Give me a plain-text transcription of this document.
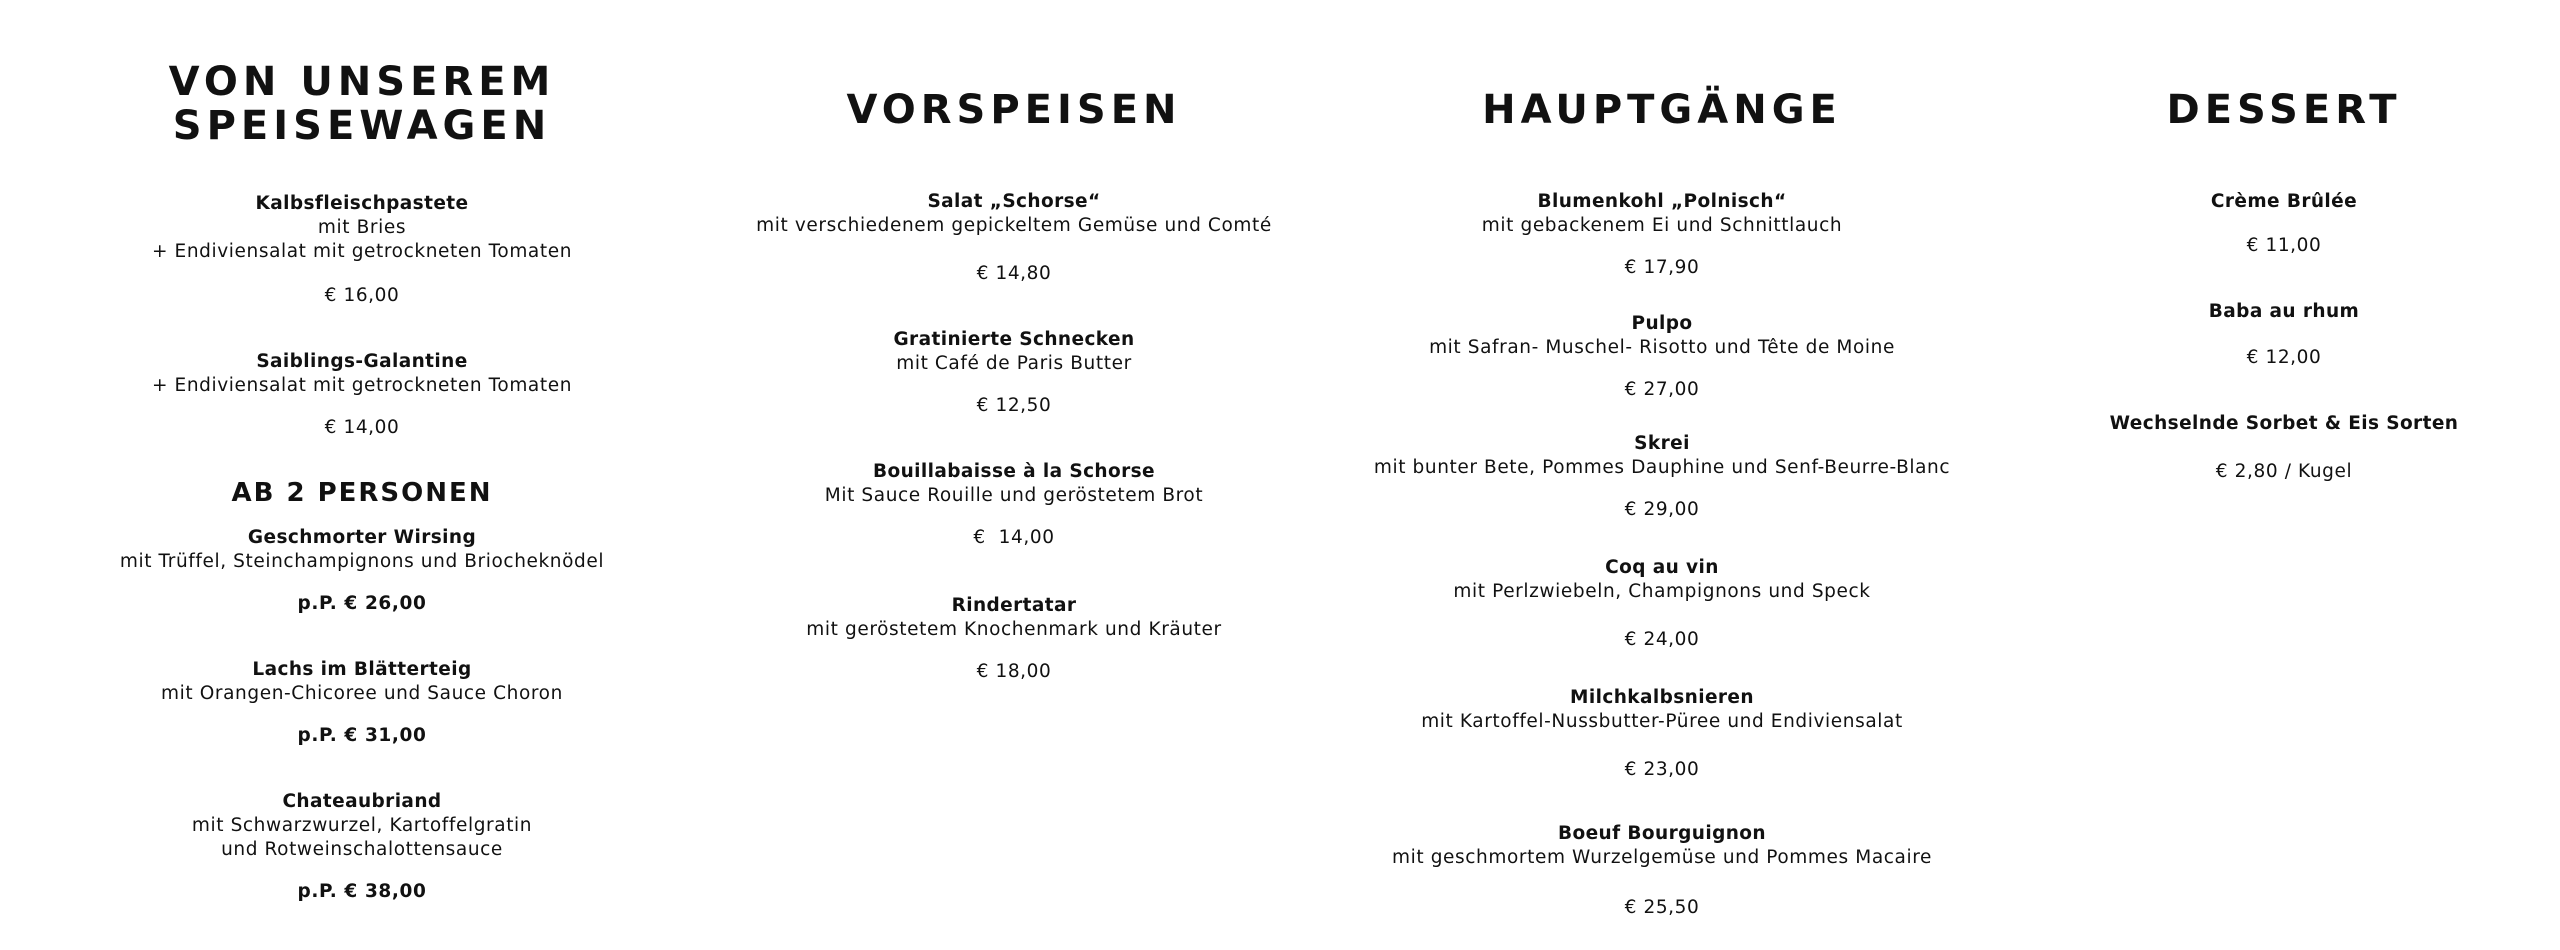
VON UNSEREM
SPEISEWAGEN
Kalbsfleischpastete
mit Bries
+ Endiviensalat mit getrockneten Tomaten
€ 16,00
Saiblings-Galantine
+ Endiviensalat mit getrockneten Tomaten
€ 14,00
AB 2 PERSONEN
Geschmorter Wirsing
mit Trüffel, Steinchampignons und Briocheknödel
p.P. € 26,00
Lachs im Blätterteig
mit Orangen-Chicoree und Sauce Choron
p.P. € 31,00
Chateaubriand
mit Schwarzwurzel, Kartoffelgratin
und Rotweinschalottensauce
p.P. € 38,00
VORSPEISEN
Salat „Schorse“
mit verschiedenem gepickeltem Gemüse und Comté
€ 14,80
Gratinierte Schnecken
mit Café de Paris Butter
€ 12,50
Bouillabaisse à la Schorse
Mit Sauce Rouille und geröstetem Brot
€  14,00
Rindertatar
mit geröstetem Knochenmark und Kräuter
€ 18,00
HAUPTGÄNGE
Blumenkohl „Polnisch“
mit gebackenem Ei und Schnittlauch
€ 17,90
Pulpo
mit Safran- Muschel- Risotto und Tête de Moine
€ 27,00
Skrei
mit bunter Bete, Pommes Dauphine und Senf-Beurre-Blanc
€ 29,00
Coq au vin
mit Perlzwiebeln, Champignons und Speck
€ 24,00
Milchkalbsnieren
mit Kartoffel-Nussbutter-Püree und Endiviensalat
€ 23,00
Boeuf Bourguignon
mit geschmortem Wurzelgemüse und Pommes Macaire
€ 25,50
DESSERT
Crème Brûlée
€ 11,00
Baba au rhum
€ 12,00
Wechselnde Sorbet & Eis Sorten
€ 2,80 / Kugel
